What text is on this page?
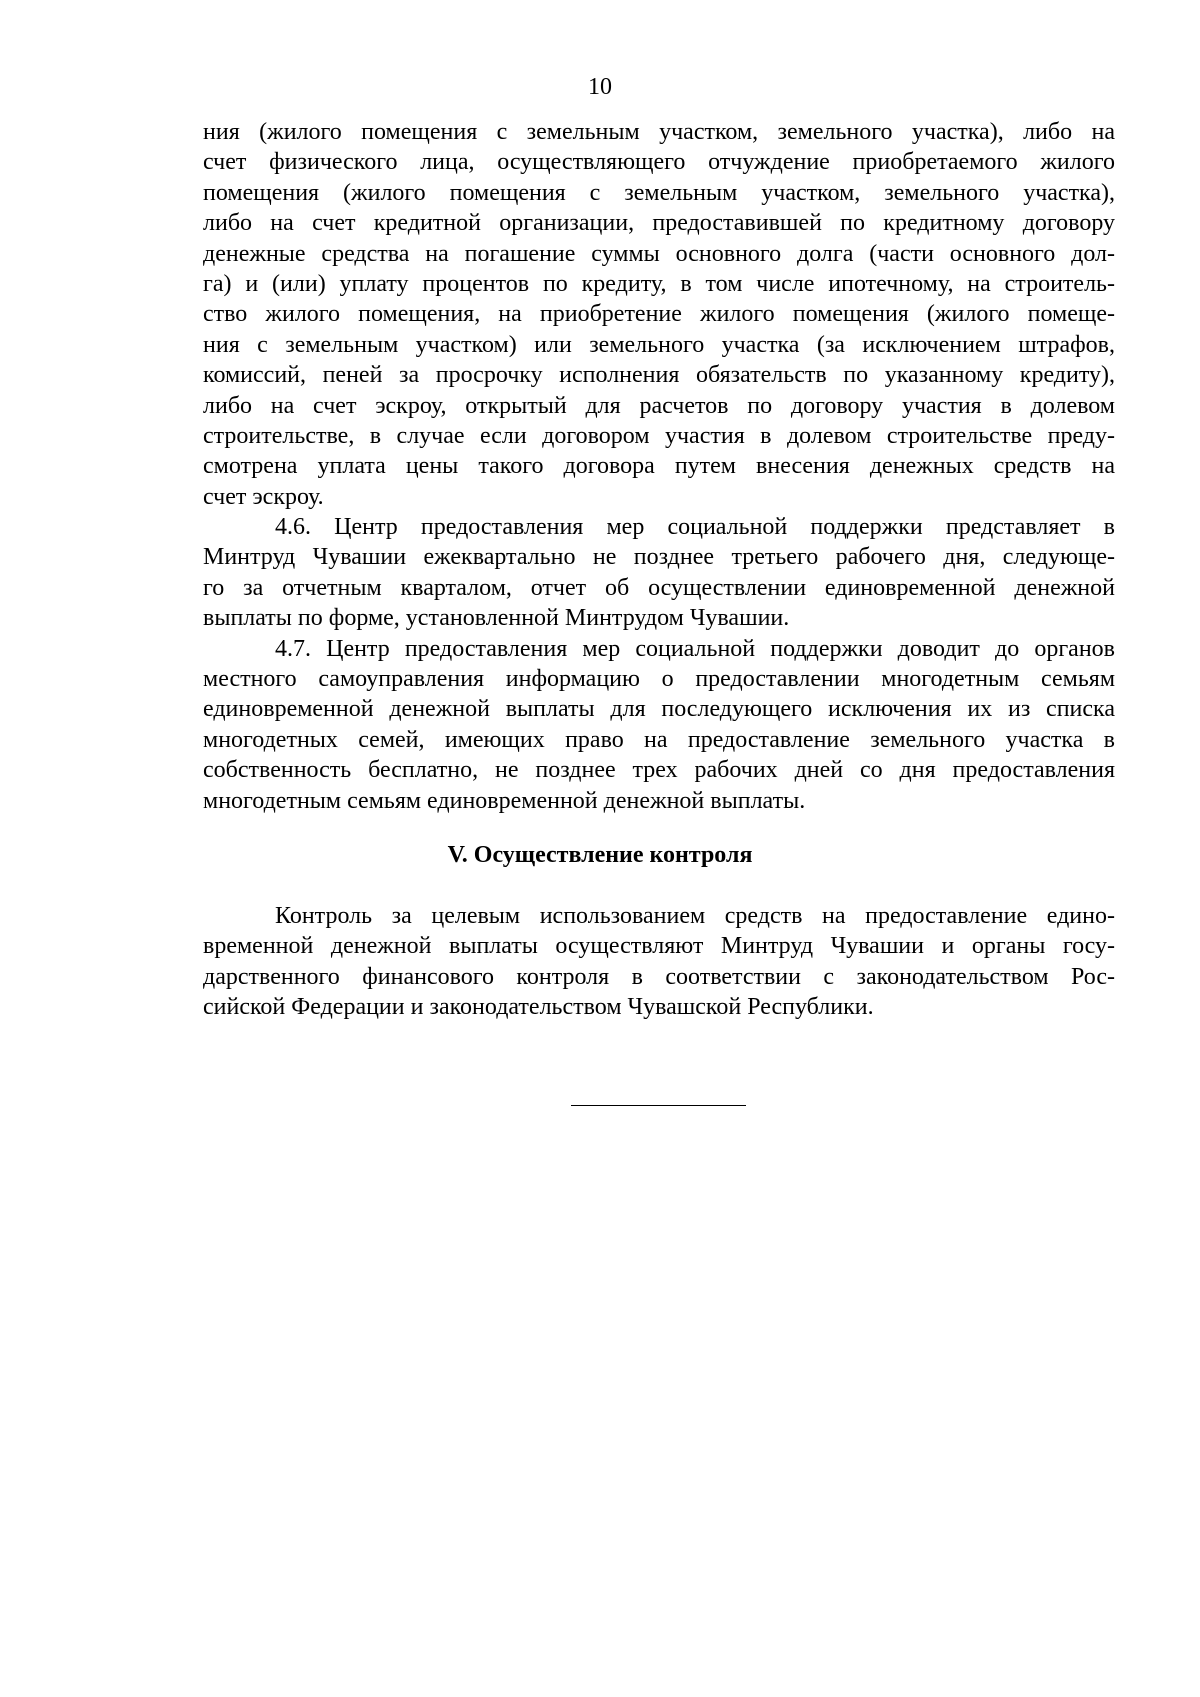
10
ния (жилого помещения с земельным участком, земельного участка), либо на
счет физического лица, осуществляющего отчуждение приобретаемого жилого
помещения (жилого помещения с земельным участком, земельного участка),
либо на счет кредитной организации, предоставившей по кредитному договору
денежные средства на погашение суммы основного долга (части основного дол-
га) и (или) уплату процентов по кредиту, в том числе ипотечному, на строитель-
ство жилого помещения, на приобретение жилого помещения (жилого помеще-
ния с земельным участком) или земельного участка (за исключением штрафов,
комиссий, пеней за просрочку исполнения обязательств по указанному кредиту),
либо на счет эскроу, открытый для расчетов по договору участия в долевом
строительстве, в случае если договором участия в долевом строительстве преду-
смотрена уплата цены такого договора путем внесения денежных средств на
счет эскроу.
4.6. Центр предоставления мер социальной поддержки представляет в
Минтруд Чувашии ежеквартально не позднее третьего рабочего дня, следующе-
го за отчетным кварталом, отчет об осуществлении единовременной денежной
выплаты по форме, установленной Минтрудом Чувашии.
4.7. Центр предоставления мер социальной поддержки доводит до органов
местного самоуправления информацию о предоставлении многодетным семьям
единовременной денежной выплаты для последующего исключения их из списка
многодетных семей, имеющих право на предоставление земельного участка в
собственность бесплатно, не позднее трех рабочих дней со дня предоставления
многодетным семьям единовременной денежной выплаты.
V. Осуществление контроля
Контроль за целевым использованием средств на предоставление едино-
временной денежной выплаты осуществляют Минтруд Чувашии и органы госу-
дарственного финансового контроля в соответствии с законодательством Рос-
сийской Федерации и законодательством Чувашской Республики.
